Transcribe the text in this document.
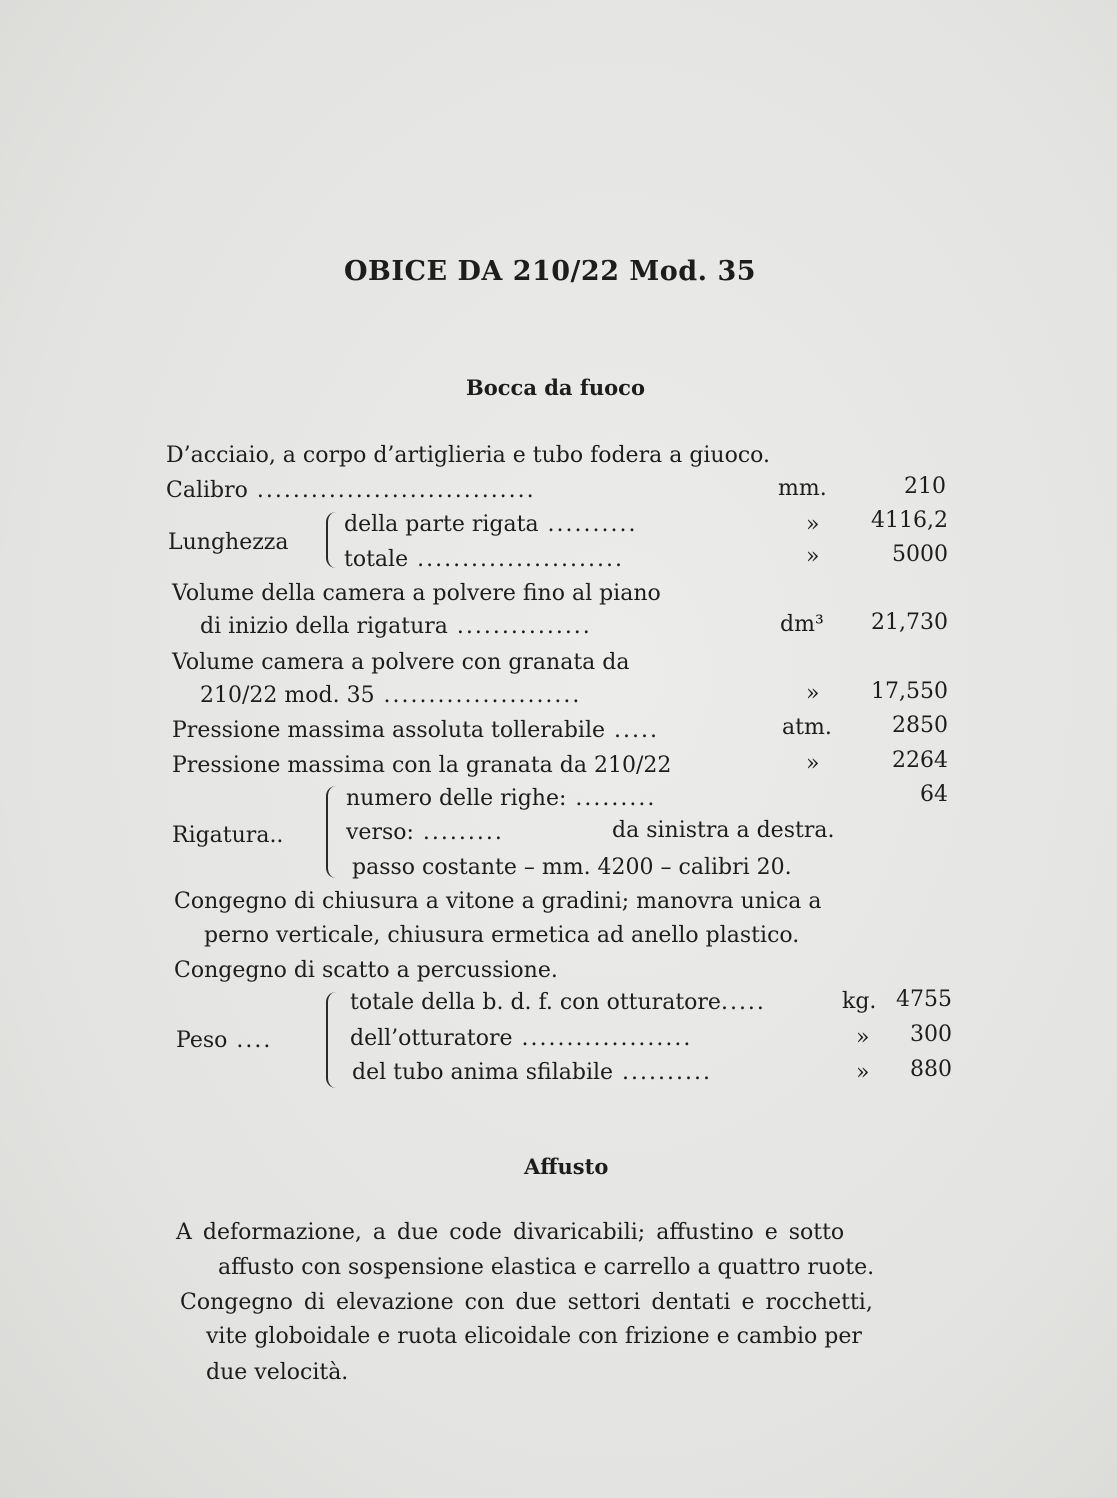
OBICE DA 210/22 Mod. 35
Bocca da fuoco
D’acciaio, a corpo d’artiglieria e tubo fodera a giuoco.
Calibro ...............................	mm.	210
Lunghezza
della parte rigata ..........	»	4116,2
totale .......................	»	5000
Volume della camera a polvere fino al piano
di inizio della rigatura ...............	dm³	21,730
Volume camera a polvere con granata da
210/22 mod. 35 ......................	»	17,550
Pressione massima assoluta tollerabile .....	atm.	2850
Pressione massima con la granata da 210/22	»	2264
Rigatura..
numero delle righe: .........	64
verso: .........	da sinistra a destra.
passo costante – mm. 4200 – calibri 20.
Congegno di chiusura a vitone a gradini; manovra unica a
perno verticale, chiusura ermetica ad anello plastico.
Congegno di scatto a percussione.
Peso ....
totale della b. d. f. con otturatore.....	kg. 4755
dell’otturatore ...................	»	300
del tubo anima sfilabile ..........	»	880
Affusto
A deformazione, a due code divaricabili; affustino e sotto
affusto con sospensione elastica e carrello a quattro ruote.
Congegno di elevazione con due settori dentati e rocchetti,
vite globoidale e ruota elicoidale con frizione e cambio per
due velocità.
